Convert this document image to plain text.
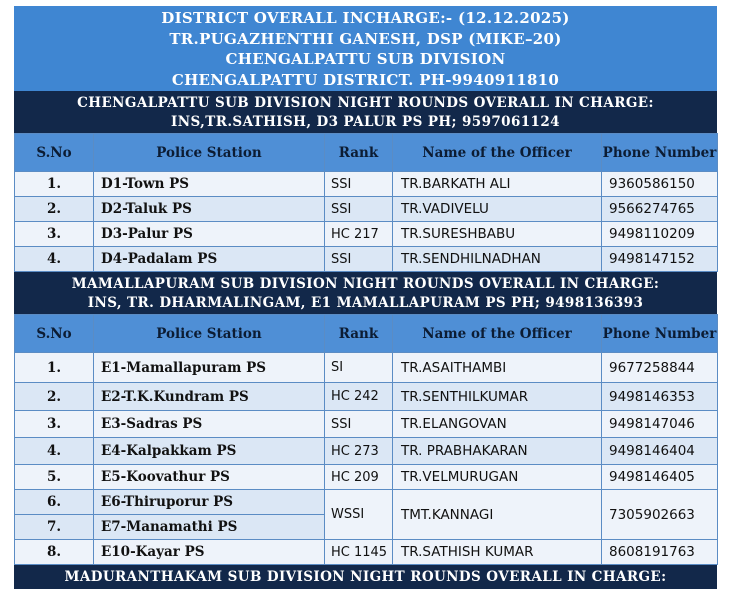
DISTRICT OVERALL INCHARGE:- (12.12.2025)
TR.PUGAZHENTHI GANESH, DSP (MIKE–20)
CHENGALPATTU SUB DIVISION
CHENGALPATTU DISTRICT. PH-9940911810
CHENGALPATTU SUB DIVISION NIGHT ROUNDS OVERALL IN CHARGE:
INS,TR.SATHISH, D3 PALUR PS PH; 9597061124
S.No	Police Station	Rank	Name of the Officer	Phone Number
1.	D1-Town PS	SSI	TR.BARKATH ALI	9360586150
2.	D2-Taluk PS	SSI	TR.VADIVELU	9566274765
3.	D3-Palur PS	HC 217	TR.SURESHBABU	9498110209
4.	D4-Padalam PS	SSI	TR.SENDHILNADHAN	9498147152
MAMALLAPURAM SUB DIVISION NIGHT ROUNDS OVERALL IN CHARGE:
INS, TR. DHARMALINGAM, E1 MAMALLAPURAM PS PH; 9498136393
S.No	Police Station	Rank	Name of the Officer	Phone Number
1.	E1-Mamallapuram PS	SI	TR.ASAITHAMBI	9677258844
2.	E2-T.K.Kundram PS	HC 242	TR.SENTHILKUMAR	9498146353
3.	E3-Sadras PS	SSI	TR.ELANGOVAN	9498147046
4.	E4-Kalpakkam PS	HC 273	TR. PRABHAKARAN	9498146404
5.	E5-Koovathur PS	HC 209	TR.VELMURUGAN	9498146405
6.	E6-Thiruporur PS	WSSI	TMT.KANNAGI	7305902663
7.	E7-Manamathi PS			
8.	E10-Kayar PS	HC 1145	TR.SATHISH KUMAR	8608191763
MADURANTHAKAM SUB DIVISION NIGHT ROUNDS OVERALL IN CHARGE:
